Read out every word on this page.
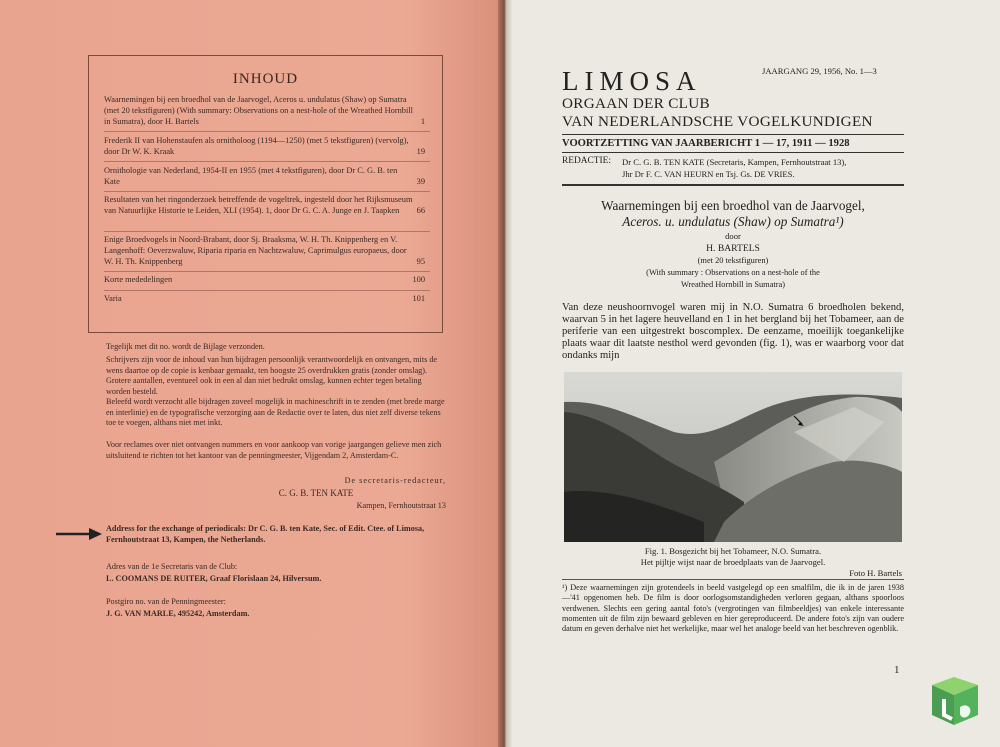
INHOUD
Waarnemingen bij een broedhol van de Jaarvogel, Aceros u. undulatus (Shaw) op Sumatra (met 20 tekstfiguren) (With summary: Observations on a nest-hole of the Wreathed Hornbill in Sumatra), door H. Bartels	1
Frederik II van Hohenstaufen als ornitholoog (1194—1250) (met 5 tekstfiguren) (vervolg), door Dr W. K. Kraak	19
Ornithologie van Nederland, 1954-II en 1955 (met 4 tekstfiguren), door Dr C. G. B. ten Kate	39
Resultaten van het ringonderzoek betreffende de vogeltrek, ingesteld door het Rijksmuseum van Natuurlijke Historie te Leiden, XLI (1954). 1, door Dr G. C. A. Junge en J. Taapken	66
Enige Broedvogels in Noord-Brabant, door Sj. Braaksma, W. H. Th. Knippenberg en V. Langenhoff: Oeverzwaluw, Riparia riparia en Nachtzwaluw, Caprimulgus europaeus, door W. H. Th. Knippenberg	95
Korte mededelingen	100
Varia	101
Tegelijk met dit no. wordt de Bijlage verzonden.
Schrijvers zijn voor de inhoud van hun bijdragen persoonlijk verantwoordelijk en ontvangen, mits de wens daartoe op de copie is kenbaar gemaakt, ten hoogste 25 overdrukken gratis (zonder omslag). Grotere aantallen, eventueel ook in een al dan niet bedrukt omslag, kunnen echter tegen betaling worden besteld.
Beleefd wordt verzocht alle bijdragen zoveel mogelijk in machineschrift in te zenden (met brede marge en interlinie) en de typografische verzorging aan de Redactie over te laten, dus niet zelf diverse tekens toe te voegen, althans niet met inkt.
Voor reclames over niet ontvangen nummers en voor aankoop van vorige jaargangen gelieve men zich uitsluitend te richten tot het kantoor van de penningmeester, Vijgendam 2, Amsterdam-C.
De secretaris-redacteur,
C. G. B. TEN KATE
Kampen, Fernhoutstraat 13
Address for the exchange of periodicals: Dr C. G. B. ten Kate, Sec. of Edit. Ctee. of Limosa, Fernhoutstraat 13, Kampen, the Netherlands.
Adres van de 1e Secretaris van de Club:
L. COOMANS DE RUITER, Graaf Florislaan 24, Hilversum.
Postgiro no. van de Penningmeester:
J. G. VAN MARLE, 495242, Amsterdam.
LIMOSA	JAARGANG 29, 1956, No. 1—3
ORGAAN DER CLUB
VAN NEDERLANDSCHE VOGELKUNDIGEN
VOORTZETTING VAN JAARBERICHT 1 — 17, 1911 — 1928
REDACTIE: Dr C. G. B. TEN KATE (Secretaris, Kampen, Fernhoutstraat 13),
Jhr Dr F. C. VAN HEURN en Tsj. Gs. DE VRIES.
Waarnemingen bij een broedhol van de Jaarvogel,
Aceros. u. undulatus (Shaw) op Sumatra¹)
door
H. BARTELS
(met 20 tekstfiguren)
(With summary : Observations on a nest-hole of the
Wreathed Hornbill in Sumatra)
Van deze neushoornvogel waren mij in N.O. Sumatra 6 broedholen bekend, waarvan 5 in het lagere heuvelland en 1 in het bergland bij het Tobameer, aan de periferie van een uitgestrekt boscomplex. De eenzame, moeilijk toegankelijke plaats waar dit laatste nesthol werd gevonden (fig. 1), was er waarborg voor dat ondanks mijn
Fig. 1. Bosgezicht bij het Tobameer, N.O. Sumatra.
Het pijltje wijst naar de broedplaats van de Jaarvogel.
Foto H. Bartels
¹) Deze waarnemingen zijn grotendeels in beeld vastgelegd op een smalfilm, die ik in de jaren 1938—'41 opgenomen heb. De film is door oorlogsomstandigheden verloren gegaan, althans spoorloos verdwenen. Slechts een gering aantal foto's (vergrotingen van filmbeeldjes) van enkele interessante momenten uit de film zijn bewaard gebleven en hier gereproduceerd. De andere foto's zijn van oudere datum en geven derhalve niet het werkelijke, maar wel het analoge beeld van het beschreven ogenblik.
1
